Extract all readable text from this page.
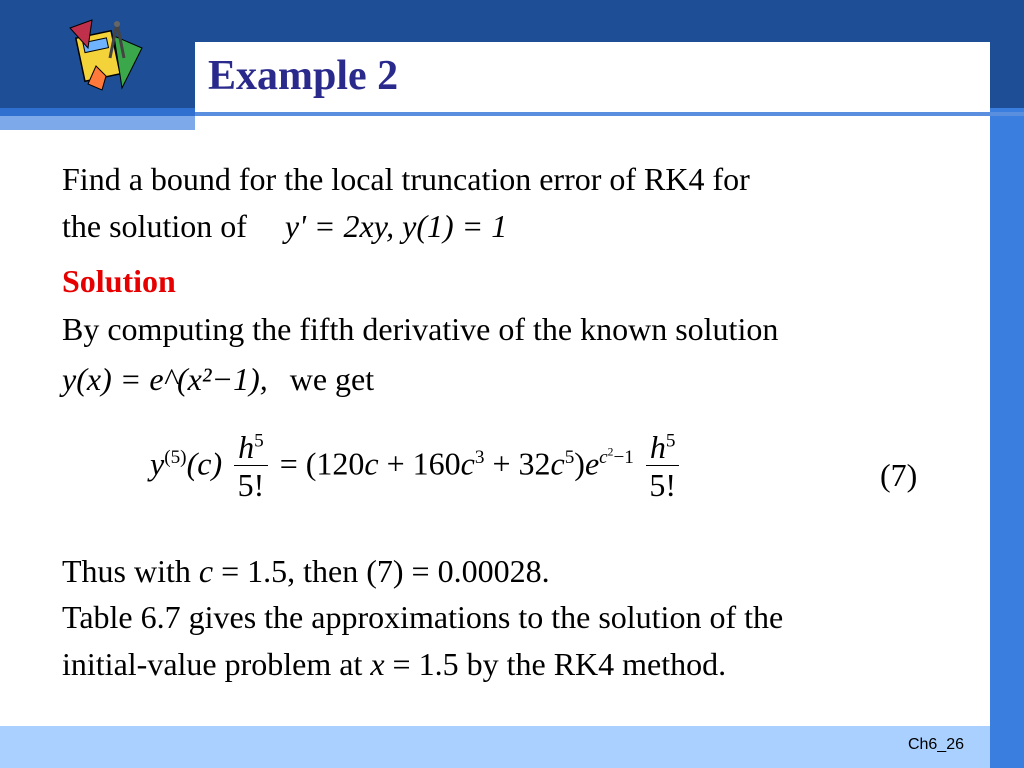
Example 2
Find a bound for the local truncation error of RK4 for
the solution of y' = 2xy, y(1) = 1
Solution
By computing the fifth derivative of the known solution
y(x) = e^(x²−1), we get
$y^{(5)}(c) \frac{h^5}{5!} = (120c + 160c^3 + 32c^5)e^{c^2-1} \frac{h^5}{5!}$	(7)
Thus with c = 1.5, then (7) = 0.00028.
Table 6.7 gives the approximations to the solution of the
initial-value problem at x = 1.5 by the RK4 method.
Ch6_26
